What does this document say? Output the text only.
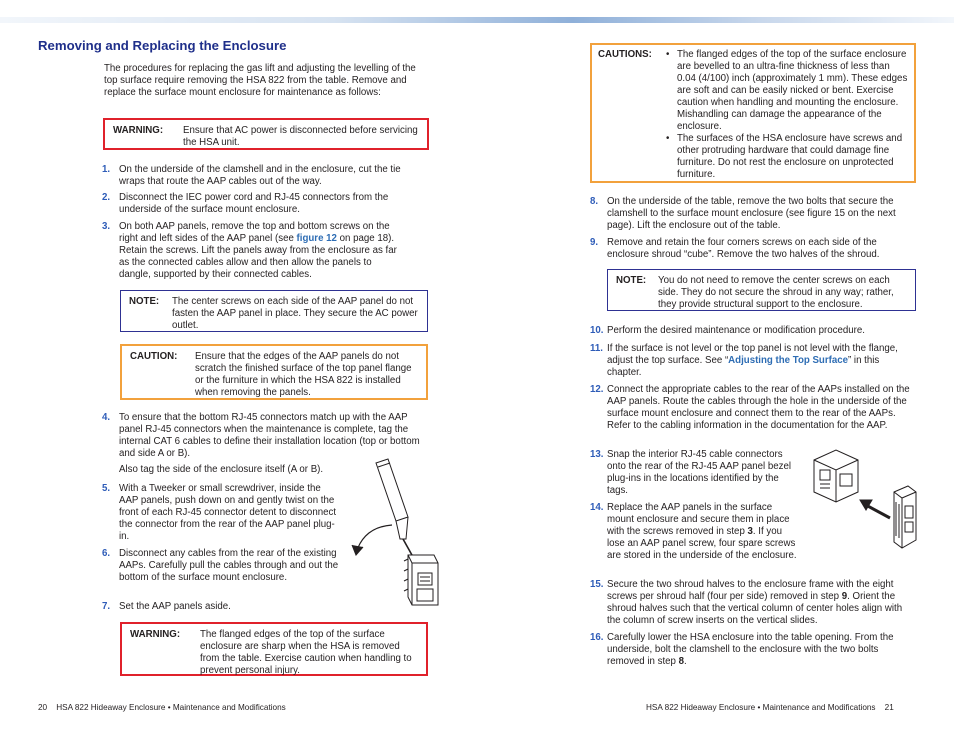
Removing and Replacing the Enclosure

The procedures for replacing the gas lift and adjusting the levelling of the top surface require removing the HSA 822 from the table. Remove and replace the surface mount enclosure for maintenance as follows:

WARNING:	Ensure that AC power is disconnected before servicing the HSA unit.
1. On the underside of the clamshell and in the enclosure, cut the tie wraps that route the AAP cables out of the way.
2. Disconnect the IEC power cord and RJ-45 connectors from the underside of the surface mount enclosure.
3. On both AAP panels, remove the top and bottom screws on the right and left sides of the AAP panel (see figure 12 on page 18). Retain the screws. Lift the panels away from the enclosure as far as the connected cables allow and then allow the panels to dangle, supported by their connected cables.
NOTE:	The center screws on each side of the AAP panel do not fasten the AAP panel in place. They secure the AC power outlet.
CAUTION:	Ensure that the edges of the AAP panels do not scratch the finished surface of the top panel flange or the furniture in which the HSA 822 is installed when removing the panels.
4. To ensure that the bottom RJ-45 connectors match up with the AAP panel RJ-45 connectors when the maintenance is complete, tag the internal CAT 6 cables to define their installation location (top or bottom and side A or B).
Also tag the side of the enclosure itself (A or B).
5. With a Tweeker or small screwdriver, inside the AAP panels, push down on and gently twist on the front of each RJ-45 connector detent to disconnect the connector from the rear of the AAP panel plug-in.
6. Disconnect any cables from the rear of the existing AAPs. Carefully pull the cables through and out the bottom of the surface mount enclosure.
7. Set the AAP panels aside.
WARNING:	The flanged edges of the top of the surface enclosure are sharp when the HSA is removed from the table. Exercise caution when handling to prevent personal injury.
20 HSA 822 Hideaway Enclosure • Maintenance and Modifications
CAUTIONS:
•	The flanged edges of the top of the surface enclosure are bevelled to an ultra-fine thickness of less than 0.04 (4/100) inch (approximately 1 mm). These edges are soft and can be easily nicked or bent. Exercise caution when handling and mounting the enclosure. Mishandling can damage the appearance of the enclosure.
• The surfaces of the HSA enclosure have screws and other protruding hardware that could damage fine furniture. Do not rest the enclosure on unprotected furniture.
8. On the underside of the table, remove the two bolts that secure the clamshell to the surface mount enclosure (see figure 15 on the next page). Lift the enclosure out of the table.
9. Remove and retain the four corners screws on each side of the enclosure shroud “cube”. Remove the two halves of the shroud.
NOTE:	You do not need to remove the center screws on each side. They do not secure the shroud in any way; rather, they provide structural support to the enclosure.
10. Perform the desired maintenance or modification procedure.
11. If the surface is not level or the top panel is not level with the flange, adjust the top surface. See “Adjusting the Top Surface” in this chapter.
12. Connect the appropriate cables to the rear of the AAPs installed on the AAP panels. Route the cables through the hole in the underside of the surface mount enclosure and connect them to the rear of the AAPs. Refer to the cabling information in the documentation for the AAP.
13. Snap the interior RJ-45 cable connectors onto the rear of the RJ-45 AAP panel bezel plug-ins in the locations identified by the tags.
14. Replace the AAP panels in the surface mount enclosure and secure them in place with the screws removed in step 3. If you lose an AAP panel screw, four spare screws are stored in the underside of the enclosure.
15. Secure the two shroud halves to the enclosure frame with the eight screws per shroud half (four per side) removed in step 9. Orient the shroud halves such that the vertical column of center holes align with the column of screw inserts on the vertical slides.
16. Carefully lower the HSA enclosure into the table opening. From the underside, bolt the clamshell to the enclosure with the two bolts removed in step 8.
HSA 822 Hideaway Enclosure • Maintenance and Modifications 21
